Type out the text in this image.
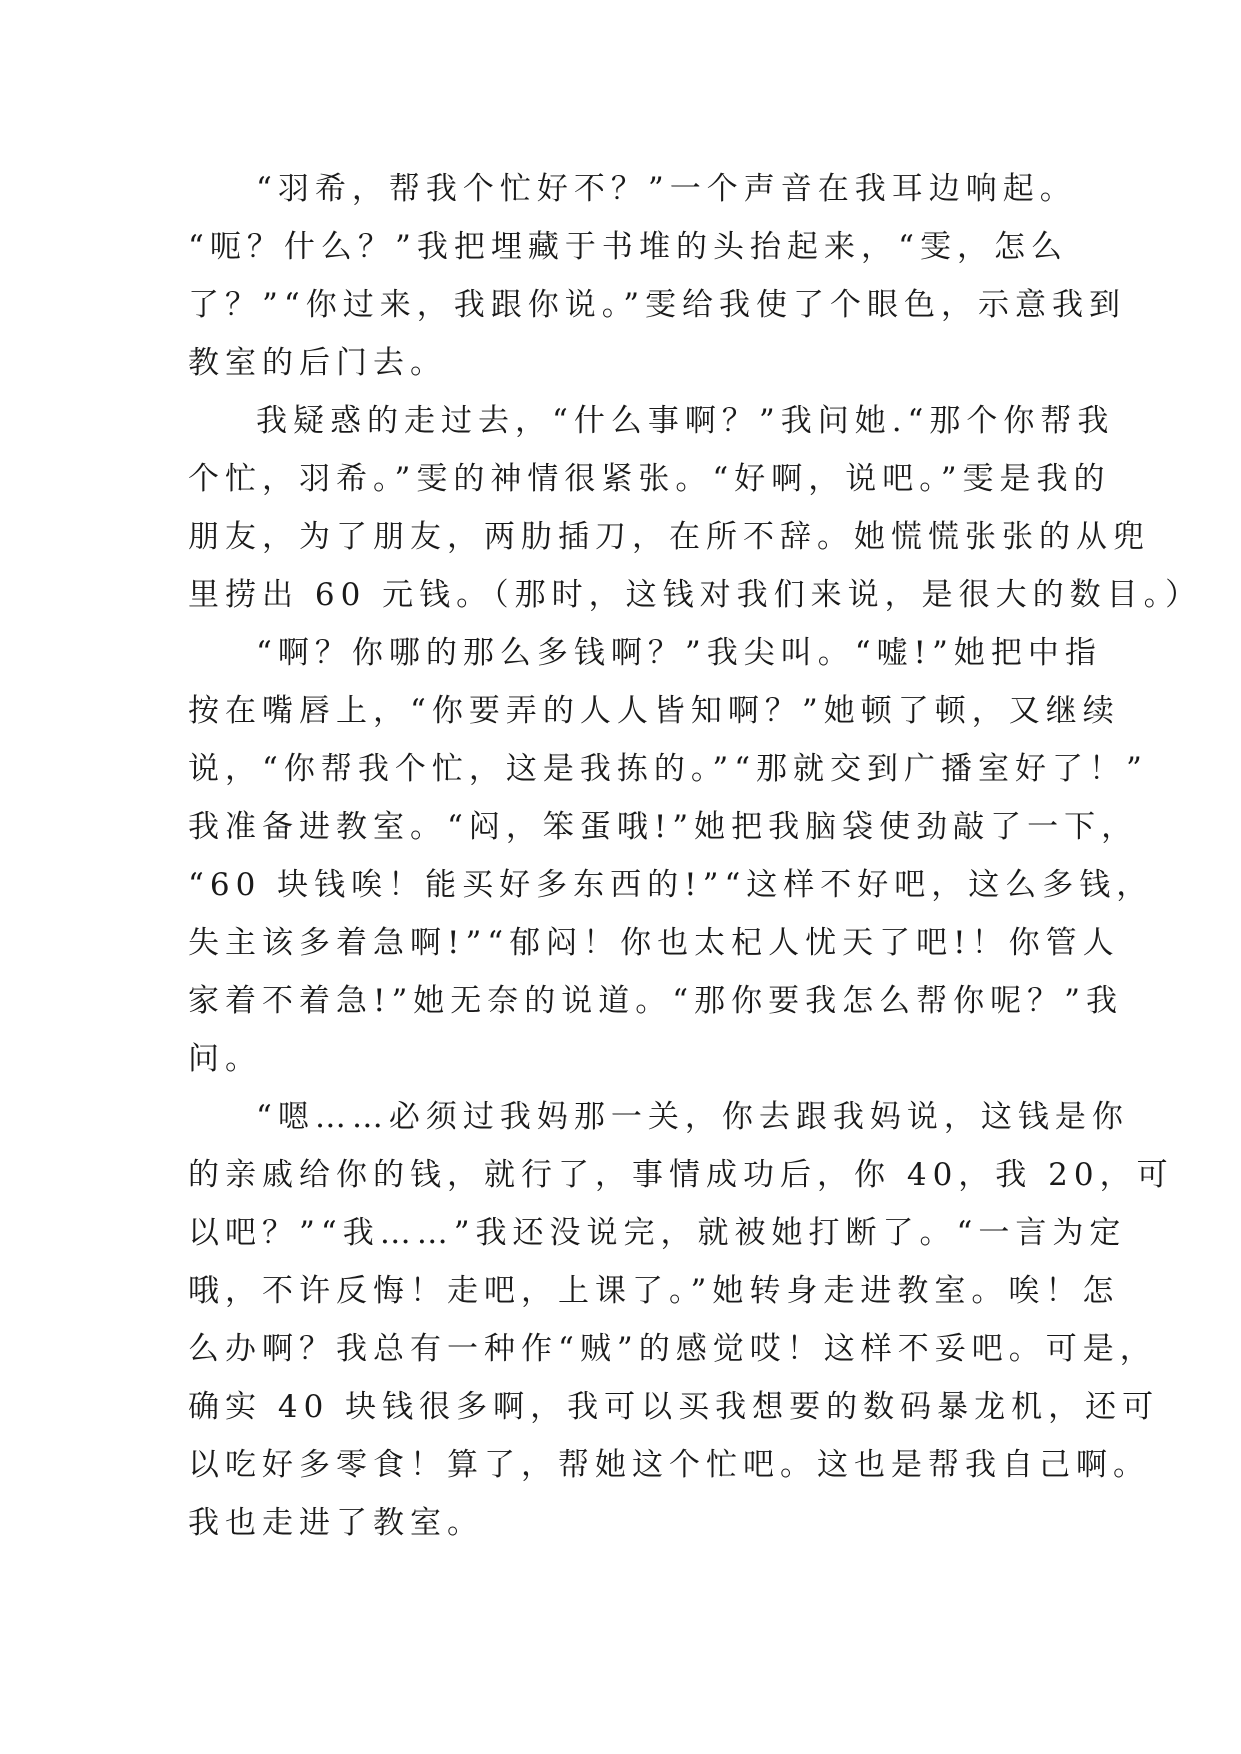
“羽希，帮我个忙好不？”一个声音在我耳边响起。
“呃？什么？”我把埋藏于书堆的头抬起来，“雯，怎么
了？”“你过来，我跟你说。”雯给我使了个眼色，示意我到
教室的后门去。
我疑惑的走过去，“什么事啊？”我问她.“那个你帮我
个忙，羽希。”雯的神情很紧张。“好啊，说吧。”雯是我的
朋友，为了朋友，两肋插刀，在所不辞。她慌慌张张的从兜
里捞出 60 元钱。（那时，这钱对我们来说，是很大的数目。）
“啊？你哪的那么多钱啊？”我尖叫。“嘘!”她把中指
按在嘴唇上，“你要弄的人人皆知啊？”她顿了顿，又继续
说，“你帮我个忙，这是我拣的。”“那就交到广播室好了！”
我准备进教室。“闷，笨蛋哦!”她把我脑袋使劲敲了一下，
“60 块钱唉！能买好多东西的!”“这样不好吧，这么多钱，
失主该多着急啊!”“郁闷！你也太杞人忧天了吧!！你管人
家着不着急!”她无奈的说道。“那你要我怎么帮你呢？”我
问。
“嗯……必须过我妈那一关，你去跟我妈说，这钱是你
的亲戚给你的钱，就行了，事情成功后，你 40，我 20，可
以吧？”“我……”我还没说完，就被她打断了。“一言为定
哦，不许反悔！走吧，上课了。”她转身走进教室。唉！怎
么办啊？我总有一种作“贼”的感觉哎！这样不妥吧。可是，
确实 40 块钱很多啊，我可以买我想要的数码暴龙机，还可
以吃好多零食！算了，帮她这个忙吧。这也是帮我自己啊。
我也走进了教室。
